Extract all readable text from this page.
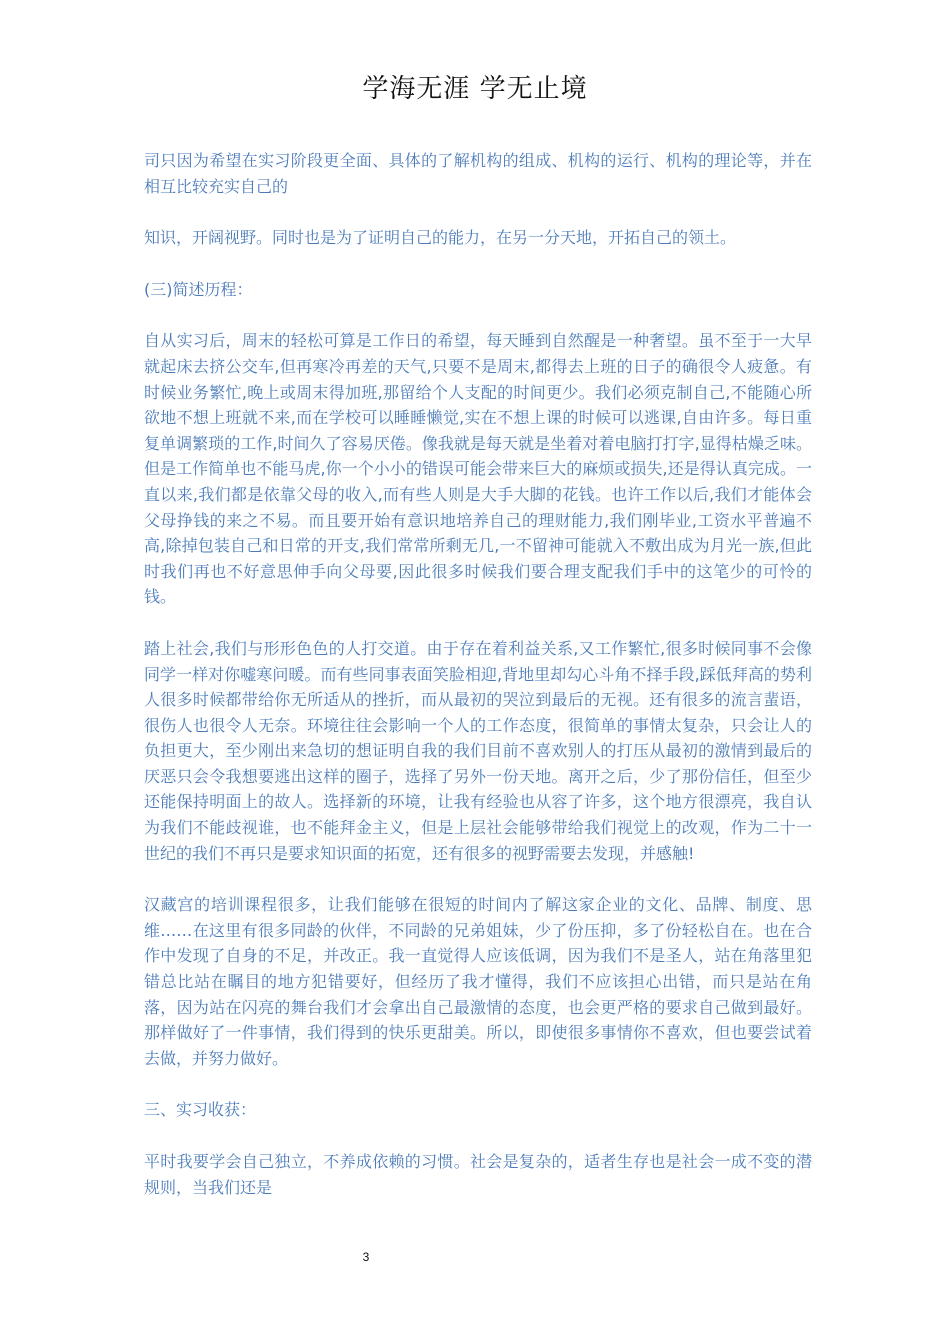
学海无涯 学无止境

司只因为希望在实习阶段更全面、具体的了解机构的组成、机构的运行、机构的理论等，并在相互比较充实自己的

知识，开阔视野。同时也是为了证明自己的能力，在另一分天地，开拓自己的领土。

(三)简述历程：

自从实习后，周末的轻松可算是工作日的希望，每天睡到自然醒是一种奢望。虽不至于一大早就起床去挤公交车,但再寒冷再差的天气,只要不是周末,都得去上班的日子的确很令人疲惫。有时候业务繁忙,晚上或周末得加班,那留给个人支配的时间更少。我们必须克制自己,不能随心所欲地不想上班就不来,而在学校可以睡睡懒觉,实在不想上课的时候可以逃课,自由许多。每日重复单调繁琐的工作,时间久了容易厌倦。像我就是每天就是坐着对着电脑打打字,显得枯燥乏味。但是工作简单也不能马虎,你一个小小的错误可能会带来巨大的麻烦或损失,还是得认真完成。一直以来,我们都是依靠父母的收入,而有些人则是大手大脚的花钱。也许工作以后,我们才能体会父母挣钱的来之不易。而且要开始有意识地培养自己的理财能力,我们刚毕业,工资水平普遍不高,除掉包装自己和日常的开支,我们常常所剩无几,一不留神可能就入不敷出成为月光一族,但此时我们再也不好意思伸手向父母要,因此很多时候我们要合理支配我们手中的这笔少的可怜的钱。

踏上社会,我们与形形色色的人打交道。由于存在着利益关系,又工作繁忙,很多时候同事不会像同学一样对你嘘寒问暖。而有些同事表面笑脸相迎,背地里却勾心斗角不择手段,踩低拜高的势利人很多时候都带给你无所适从的挫折，而从最初的哭泣到最后的无视。还有很多的流言蜚语，很伤人也很令人无奈。环境往往会影响一个人的工作态度，很简单的事情太复杂，只会让人的负担更大，至少刚出来急切的想证明自我的我们目前不喜欢别人的打压从最初的激情到最后的厌恶只会令我想要逃出这样的圈子，选择了另外一份天地。离开之后，少了那份信任，但至少还能保持明面上的故人。选择新的环境，让我有经验也从容了许多，这个地方很漂亮，我自认为我们不能歧视谁，也不能拜金主义，但是上层社会能够带给我们视觉上的改观，作为二十一世纪的我们不再只是要求知识面的拓宽，还有很多的视野需要去发现，并感触!

汉藏宫的培训课程很多，让我们能够在很短的时间内了解这家企业的文化、品牌、制度、思维……在这里有很多同龄的伙伴，不同龄的兄弟姐妹，少了份压抑，多了份轻松自在。也在合作中发现了自身的不足，并改正。我一直觉得人应该低调，因为我们不是圣人，站在角落里犯错总比站在瞩目的地方犯错要好，但经历了我才懂得，我们不应该担心出错，而只是站在角落，因为站在闪亮的舞台我们才会拿出自己最激情的态度，也会更严格的要求自己做到最好。那样做好了一件事情，我们得到的快乐更甜美。所以，即使很多事情你不喜欢，但也要尝试着去做，并努力做好。

三、实习收获：

平时我要学会自己独立，不养成依赖的习惯。社会是复杂的，适者生存也是社会一成不变的潜规则，当我们还是

3
